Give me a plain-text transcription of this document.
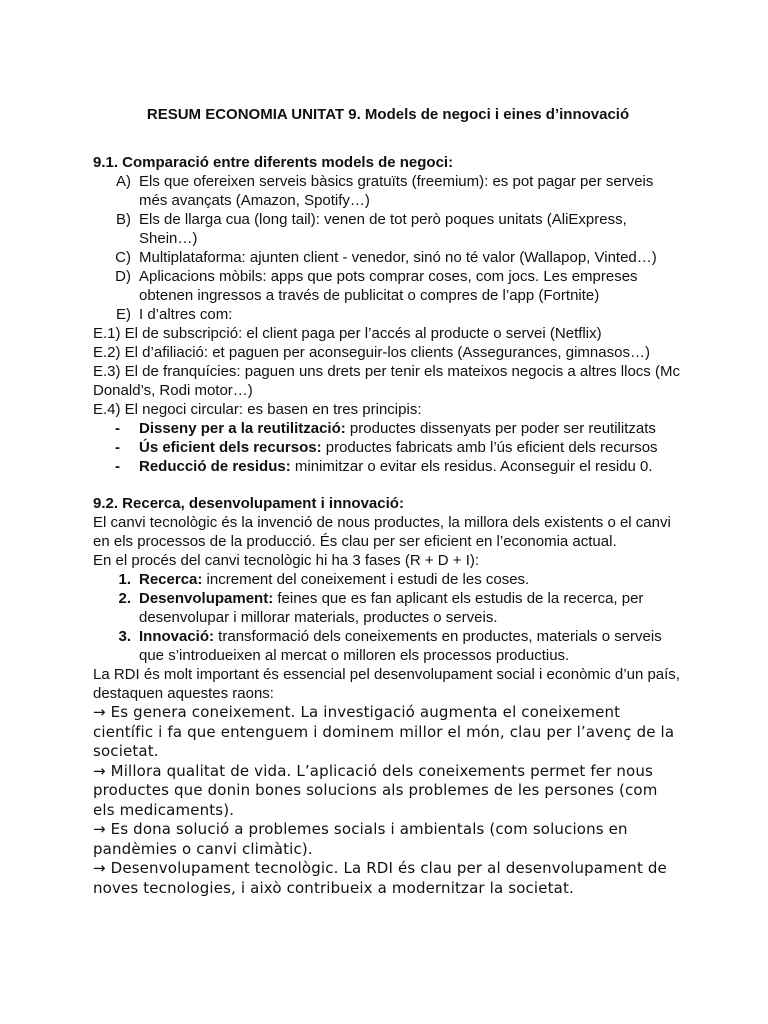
RESUM ECONOMIA UNITAT 9. Models de negoci i eines d’innovació

9.1. Comparació entre diferents models de negoci:

A) Els que ofereixen serveis bàsics gratuïts (freemium): es pot pagar per serveis més avançats (Amazon, Spotify…)
B) Els de llarga cua (long tail): venen de tot però poques unitats (AliExpress, Shein…)
C) Multiplataforma: ajunten client - venedor, sinó no té valor (Wallapop, Vinted…)
D) Aplicacions mòbils: apps que pots comprar coses, com jocs. Les empreses obtenen ingressos a través de publicitat o compres de l’app (Fortnite)
E) I d’altres com:

E.1) El de subscripció: el client paga per l’accés al producte o servei (Netflix)

E.2) El d’afiliació: et paguen per aconseguir-los clients (Assegurances, gimnasos…)

E.3) El de franquícies: paguen uns drets per tenir els mateixos negocis a altres llocs (Mc Donald’s, Rodi motor…)

E.4) El negoci circular: es basen en tres principis:

-	Disseny per a la reutilització: productes dissenyats per poder ser reutilitzats
-	Ús eficient dels recursos: productes fabricats amb l’ús eficient dels recursos
-	Reducció de residus: minimitzar o evitar els residus. Aconseguir el residu 0.

9.2. Recerca, desenvolupament i innovació:

El canvi tecnològic és la invenció de nous productes, la millora dels existents o el canvi en els processos de la producció. És clau per ser eficient en l’economia actual.

En el procés del canvi tecnològic hi ha 3 fases (R + D + I):

1. Recerca: increment del coneixement i estudi de les coses.
2. Desenvolupament: feines que es fan aplicant els estudis de la recerca, per desenvolupar i millorar materials, productes o serveis.
3. Innovació: transformació dels coneixements en productes, materials o serveis que s’introdueixen al mercat o milloren els processos productius.

La RDI és molt important és essencial pel desenvolupament social i econòmic d’un país, destaquen aquestes raons:

→ Es genera coneixement. La investigació augmenta el coneixement científic i fa que entenguem i dominem millor el món, clau per l’avenç de la societat.

→ Millora qualitat de vida. L’aplicació dels coneixements permet fer nous productes que donin bones solucions als problemes de les persones (com els medicaments).

→ Es dona solució a problemes socials i ambientals (com solucions en pandèmies o canvi climàtic).

→ Desenvolupament tecnològic. La RDI és clau per al desenvolupament de noves tecnologies, i això contribueix a modernitzar la societat.
